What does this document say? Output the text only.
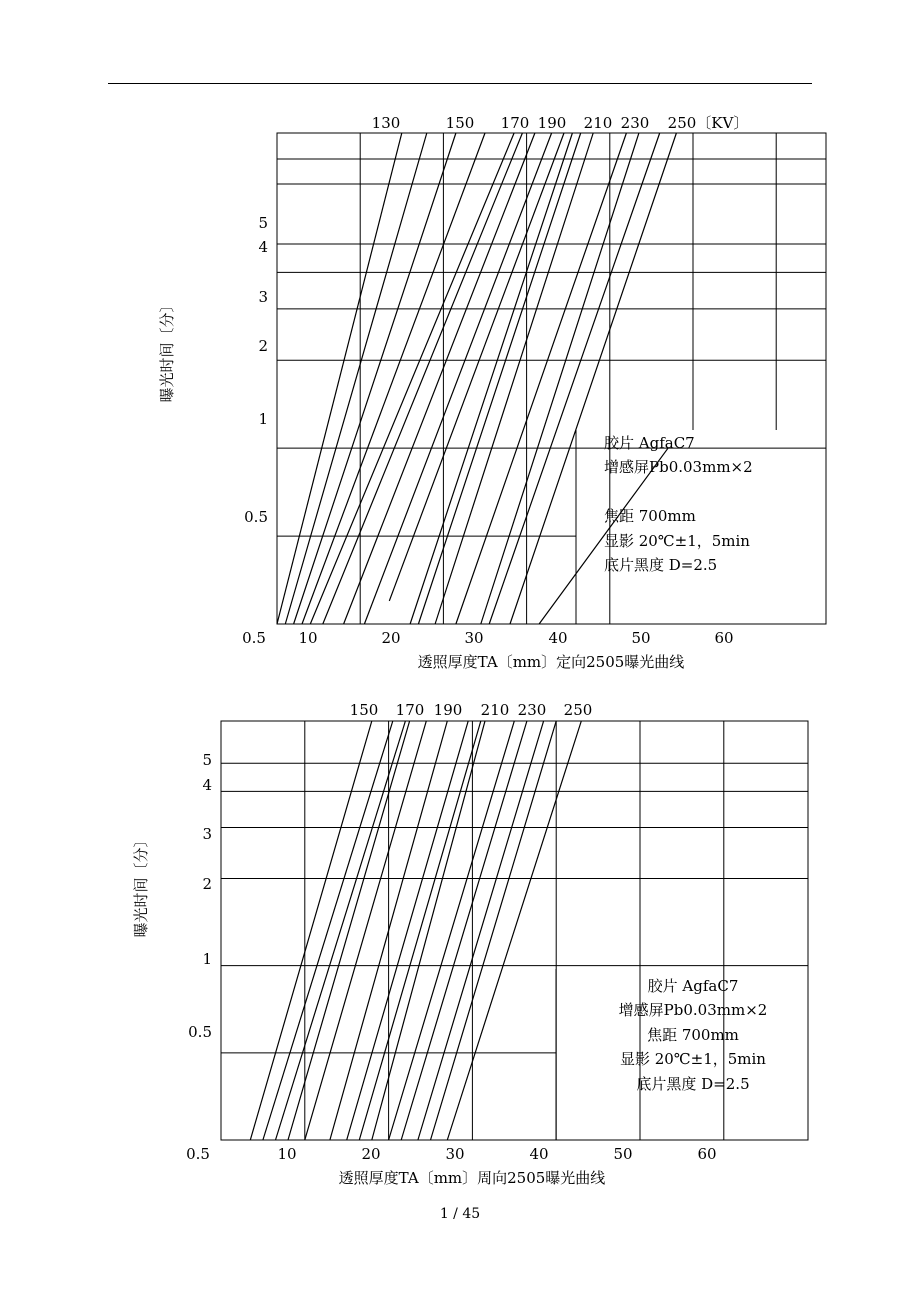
130	150 170 190 210 230 250〔KV〕
5
4
3
2
1
0.5
0.5 10	20	30	40	50	60
透照厚度TA〔mm〕定向2505曝光曲线
曝光时间〔分〕
胶片 AgfaC7
增感屏Pb0.03mm×2
焦距 700mm
显影 20℃±1，5min
底片黑度 D=2.5
150 170 190 210 230 250
5
4
3
2
1
0.5
0.5	10	20	30	40	50	60
透照厚度TA〔mm〕周向2505曝光曲线
曝光时间〔分〕
胶片 AgfaC7
增感屏Pb0.03mm×2
焦距 700mm
显影 20℃±1，5min
底片黑度 D=2.5
1 / 45
